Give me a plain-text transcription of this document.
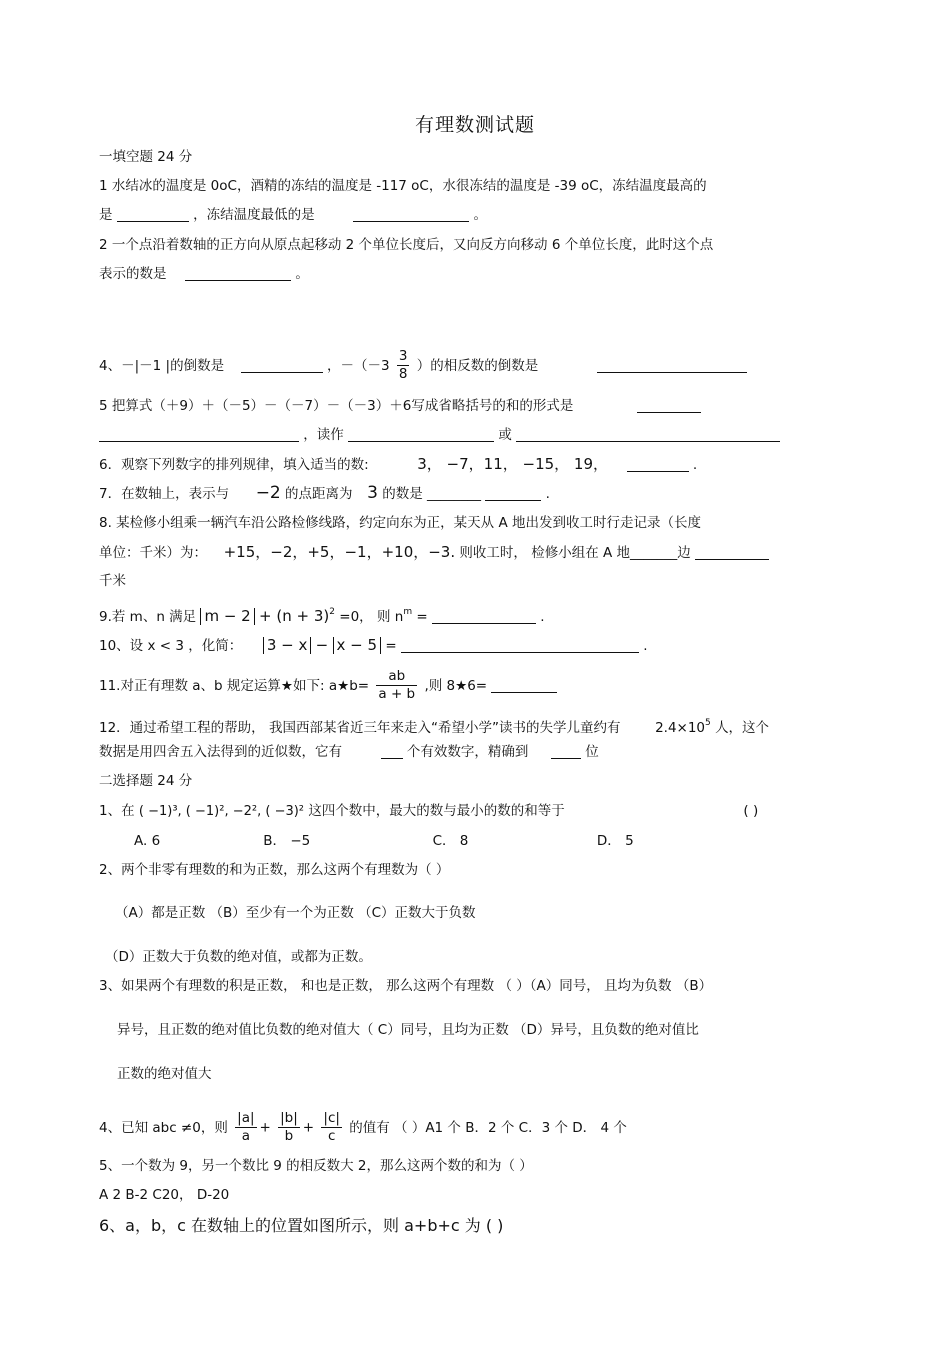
有理数测试题
一填空题 24 分
1 水结冰的温度是 0oC，酒精的冻结的温度是 -117 oC，水很冻结的温度是 -39 oC，冻结温度最高的
是	，冻结温度最低的是	。
2 一个点沿着数轴的正方向从原点起移动 2 个单位长度后，又向反方向移动 6 个单位长度，此时这个点
表示的数是	。
4、－|－1 |的倒数是	，$-(-3 \frac{3}{8}$ ）的相反数的倒数是
5 把算式（＋9）＋（－5）－（－7）－（－3）＋6写成省略括号的和的形式是
，读作	或
6．观察下列数字的排列规律，填入适当的数:	3， −7，11， −15， 19，	.
7．在数轴上，表示与 −2 的点距离为 3 的数是 ________	.
8. 某检修小组乘一辆汽车沿公路检修线路，约定向东为正，某天从 A 地出发到收工时行走记录（长度
单位：千米）为： +15，−2，+5，−1，+10，−3. 则收工时， 检修小组在 A 地_______边
千米
9.若 m、n 满足 $m - 2 + (n + 3)^2 =0$， 则 $n^m$ =	.
10、设 x < 3 ，化简： 3 − x − x − 5 =	.
11.对正有理数 a、b 规定运算★如下: a★b= $\frac{ab}{a + b}$ ,则 8★6=
12．通过希望工程的帮助， 我国西部某省近三年来走入“希望小学”读书的失学儿童约有	$2.4\times 10^5$ 人，这个
数据是用四舍五入法得到的近似数，它有	个有效数字，精确到	位
二选择题 24 分
1、在 ( −1)³, ( −1)², −2², ( −3)² 这四个数中，最大的数与最小的数的和等于	( )
A. 6	B． −5	C． 8	D． 5
2、两个非零有理数的和为正数，那么这两个有理数为（ ）
（A）都是正数 （B）至少有一个为正数 （C）正数大于负数
（D）正数大于负数的绝对值，或都为正数。
3、如果两个有理数的积是正数， 和也是正数， 那么这两个有理数 （ ）（A）同号， 且均为负数 （B）
异号，且正数的绝对值比负数的绝对值大（ C）同号，且均为正数 （D）异号，且负数的绝对值比
正数的绝对值大
4、已知 abc ≠0，则 $\frac{|a|}{a} + \frac{|b|}{b} + \frac{|c|}{c}$ 的值有 （ ）A1 个 B．2 个 C．3 个 D． 4 个
5、一个数为 9，另一个数比 9 的相反数大 2，那么这两个数的和为（ ）
A 2 B-2 C20， D-20
6、a，b，c 在数轴上的位置如图所示，则 a+b+c 为 ( )
